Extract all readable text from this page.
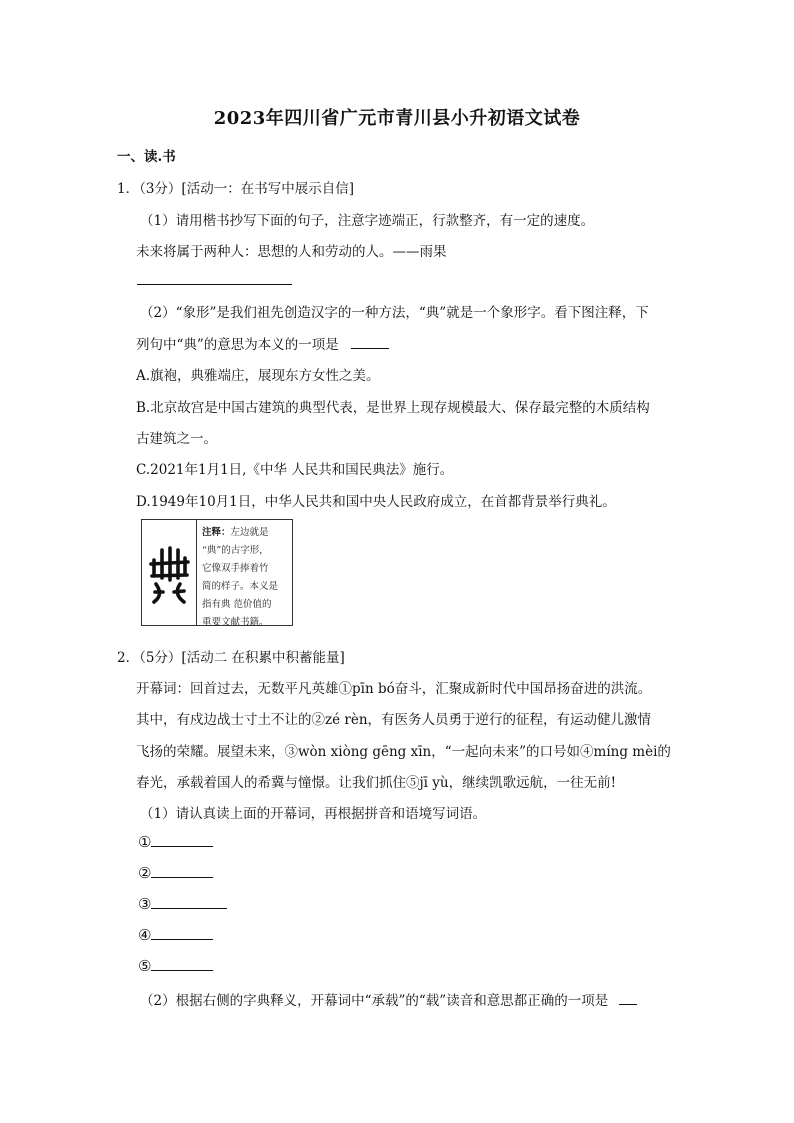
2023年四川省广元市青川县小升初语文试卷
一、读.书
1．（3分）[活动一：在书写中展示自信]
（1）请用楷书抄写下面的句子，注意字迹端正，行款整齐，有一定的速度。
未来将属于两种人：思想的人和劳动的人。——雨果
（2）“象形”是我们祖先创造汉字的一种方法，“典”就是一个象形字。看下图注释，下
列句中“典”的意思为本义的一项是
A.旗袍，典雅端庄，展现东方女性之美。
B.北京故宫是中国古建筑的典型代表，是世界上现存规模最大、保存最完整的木质结构
古建筑之一。
C.2021年1月1日,《中华 人民共和国民典法》施行。
D.1949年10月1日，中华人民共和国中央人民政府成立，在首都背景举行典礼。
注释：左边就是
“典”的古字形，
它像双手捧着竹
简的样子。本义是
指有典 范价值的
重要文献书籍。
2．（5分）[活动二 在积累中积蓄能量]
开幕词：回首过去，无数平凡英雄①pīn bó奋斗，汇聚成新时代中国昂扬奋进的洪流。
其中，有戍边战士寸土不让的②zé rèn，有医务人员勇于逆行的征程，有运动健儿激情
飞扬的荣耀。展望未来，③wòn xiòng gēng xīn，“一起向未来”的口号如④míng mèi的
春光，承载着国人的希冀与憧憬。让我们抓住⑤jī yù，继续凯歌远航，一往无前!
（1）请认真读上面的开幕词，再根据拼音和语境写词语。
①
②
③
④
⑤
（2）根据右侧的字典释义，开幕词中“承载”的“载”读音和意思都正确的一项是
